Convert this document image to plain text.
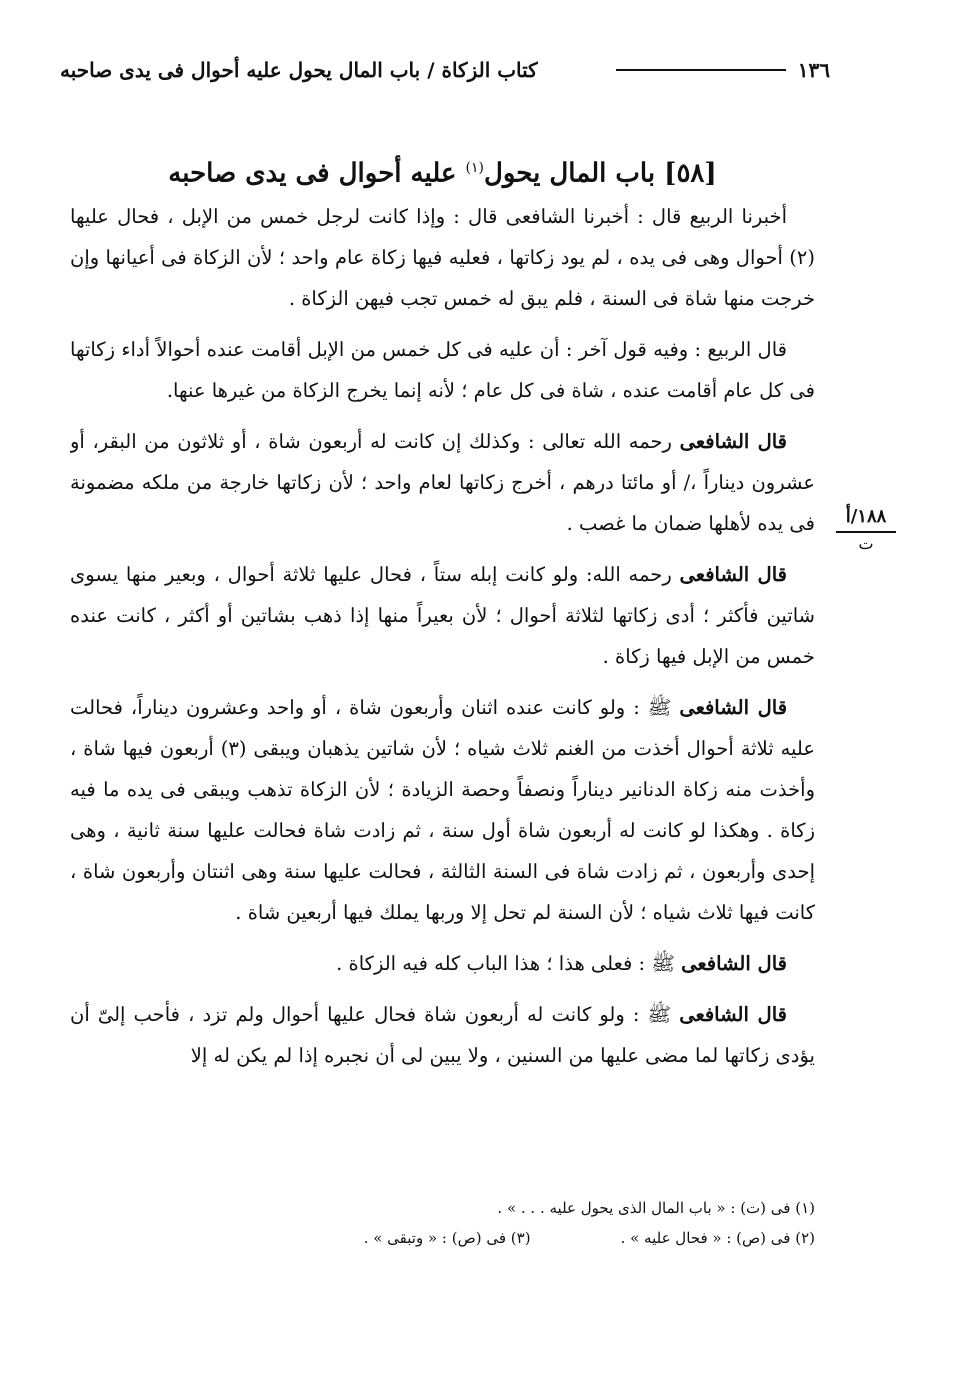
١٣٦
كتاب الزكاة / باب المال يحول عليه أحوال فى يدى صاحبه
[٥٨] باب المال يحول$^{(١)}$ عليه أحوال فى يدى صاحبه

أخبرنا الربيع قال : أخبرنا الشافعى قال : وإذا كانت لرجل خمس من الإبل ، فحال عليها (٢) أحوال وهى فى يده ، لم يود زكاتها ، فعليه فيها زكاة عام واحد ؛ لأن الزكاة فى أعيانها وإن خرجت منها شاة فى السنة ، فلم يبق له خمس تجب فيهن الزكاة .

قال الربيع : وفيه قول آخر : أن عليه فى كل خمس من الإبل أقامت عنده أحوالاً أداء زكاتها فى كل عام أقامت عنده ، شاة فى كل عام ؛ لأنه إنما يخرج الزكاة من غيرها عنها.

قال الشافعى رحمه الله تعالى : وكذلك إن كانت له أربعون شاة ، أو ثلاثون من البقر، أو عشرون ديناراً ،/ أو مائتا درهم ، أخرج زكاتها لعام واحد ؛ لأن زكاتها خارجة من ملكه مضمونة فى يده لأهلها ضمان ما غصب .

قال الشافعى رحمه الله: ولو كانت إبله ستاً ، فحال عليها ثلاثة أحوال ، وبعير منها يسوى شاتين فأكثر ؛ أدى زكاتها لثلاثة أحوال ؛ لأن بعيراً منها إذا ذهب بشاتين أو أكثر ، كانت عنده خمس من الإبل فيها زكاة .

قال الشافعى ﷺ : ولو كانت عنده اثنان وأربعون شاة ، أو واحد وعشرون ديناراً، فحالت عليه ثلاثة أحوال أخذت من الغنم ثلاث شياه ؛ لأن شاتين يذهبان ويبقى (٣) أربعون فيها شاة ، وأخذت منه زكاة الدنانير ديناراً ونصفاً وحصة الزيادة ؛ لأن الزكاة تذهب ويبقى فى يده ما فيه زكاة . وهكذا لو كانت له أربعون شاة أول سنة ، ثم زادت شاة فحالت عليها سنة ثانية ، وهى إحدى وأربعون ، ثم زادت شاة فى السنة الثالثة ، فحالت عليها سنة وهى اثنتان وأربعون شاة ، كانت فيها ثلاث شياه ؛ لأن السنة لم تحل إلا وربها يملك فيها أربعين شاة .

قال الشافعى ﷺ : فعلى هذا ؛ هذا الباب كله فيه الزكاة .

قال الشافعى ﷺ : ولو كانت له أربعون شاة فحال عليها أحوال ولم تزد ، فأحب إلىّ أن يؤدى زكاتها لما مضى عليها من السنين ، ولا يبين لى أن نجبره إذا لم يكن له إلا

١٨٨/أ
ت
(١) فى (ت) : « باب المال الذى يحول عليه . . . » .
(٢) فى (ص) : « فحال عليه » .
(٣) فى (ص) : « وتبقى » .
